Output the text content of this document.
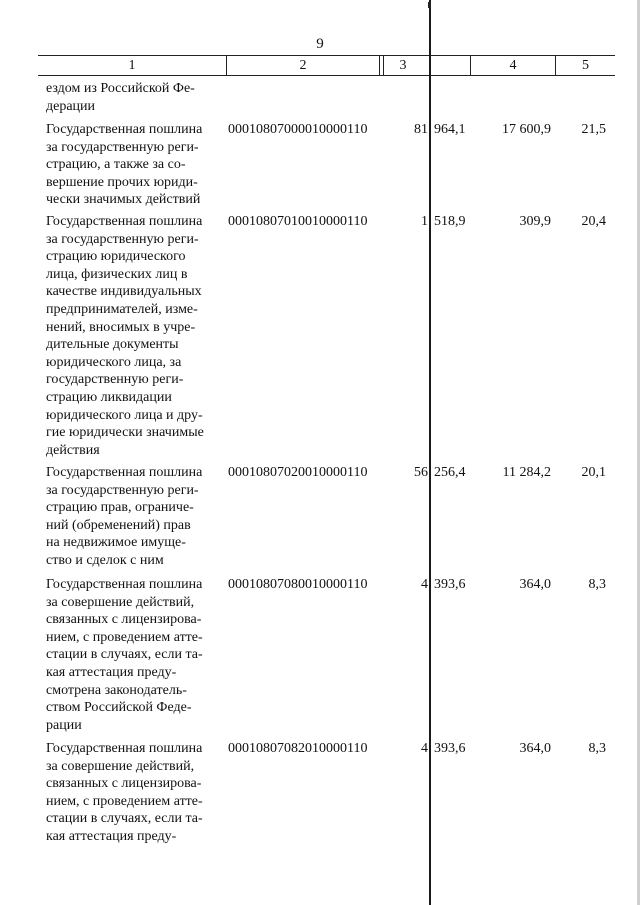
9
1	2	3	4	5
ездом из Российской Фе-
дерации
Государственная пошлина
за государственную реги-
страцию, а также за со-
вершение прочих юриди-
чески значимых действий
00010807000010000110	81 964,1	17 600,9	21,5
Государственная пошлина
за государственную реги-
страцию юридического
лица, физических лиц в
качестве индивидуальных
предпринимателей, изме-
нений, вносимых в учре-
дительные документы
юридического лица, за
государственную реги-
страцию ликвидации
юридического лица и дру-
гие юридически значимые
действия
00010807010010000110	1 518,9	309,9	20,4
Государственная пошлина
за государственную реги-
страцию прав, ограниче-
ний (обременений) прав
на недвижимое имуще-
ство и сделок с ним
00010807020010000110	56 256,4	11 284,2	20,1
Государственная пошлина
за совершение действий,
связанных с лицензирова-
нием, с проведением атте-
стации в случаях, если та-
кая аттестация преду-
смотрена законодатель-
ством Российской Феде-
рации
00010807080010000110	4 393,6	364,0	8,3
Государственная пошлина
за совершение действий,
связанных с лицензирова-
нием, с проведением атте-
стации в случаях, если та-
кая аттестация преду-
00010807082010000110	4 393,6	364,0	8,3
